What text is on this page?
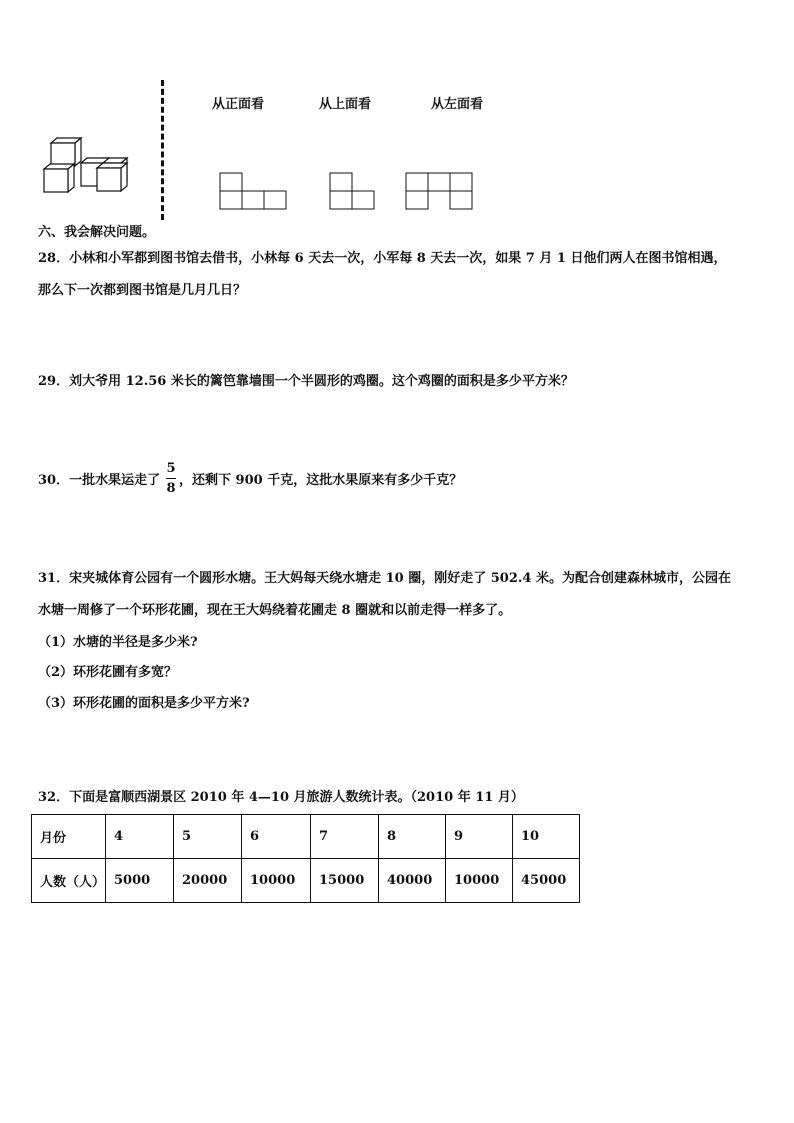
从正面看	从上面看	从左面看
六、我会解决问题。
28．小林和小军都到图书馆去借书，小林每 6 天去一次，小军每 8 天去一次，如果 7 月 1 日他们两人在图书馆相遇，
那么下一次都到图书馆是几月几日？
29．刘大爷用 12.56 米长的篱笆靠墙围一个半圆形的鸡圈。这个鸡圈的面积是多少平方米？
30．一批水果运走了
5
8
，还剩下 900 千克，这批水果原来有多少千克？
31．宋夹城体育公园有一个圆形水塘。王大妈每天绕水塘走 10 圈，刚好走了 502.4 米。为配合创建森林城市，公园在
水塘一周修了一个环形花圃，现在王大妈绕着花圃走 8 圈就和以前走得一样多了。
（1）水塘的半径是多少米?
（2）环形花圃有多宽？
（3）环形花圃的面积是多少平方米?
32．下面是富顺西湖景区 2010 年 4—10 月旅游人数统计表。（2010 年 11 月）
月份	4	5	6	7	8	9	10
人数（人）	5000	20000	10000	15000	40000	10000	45000
